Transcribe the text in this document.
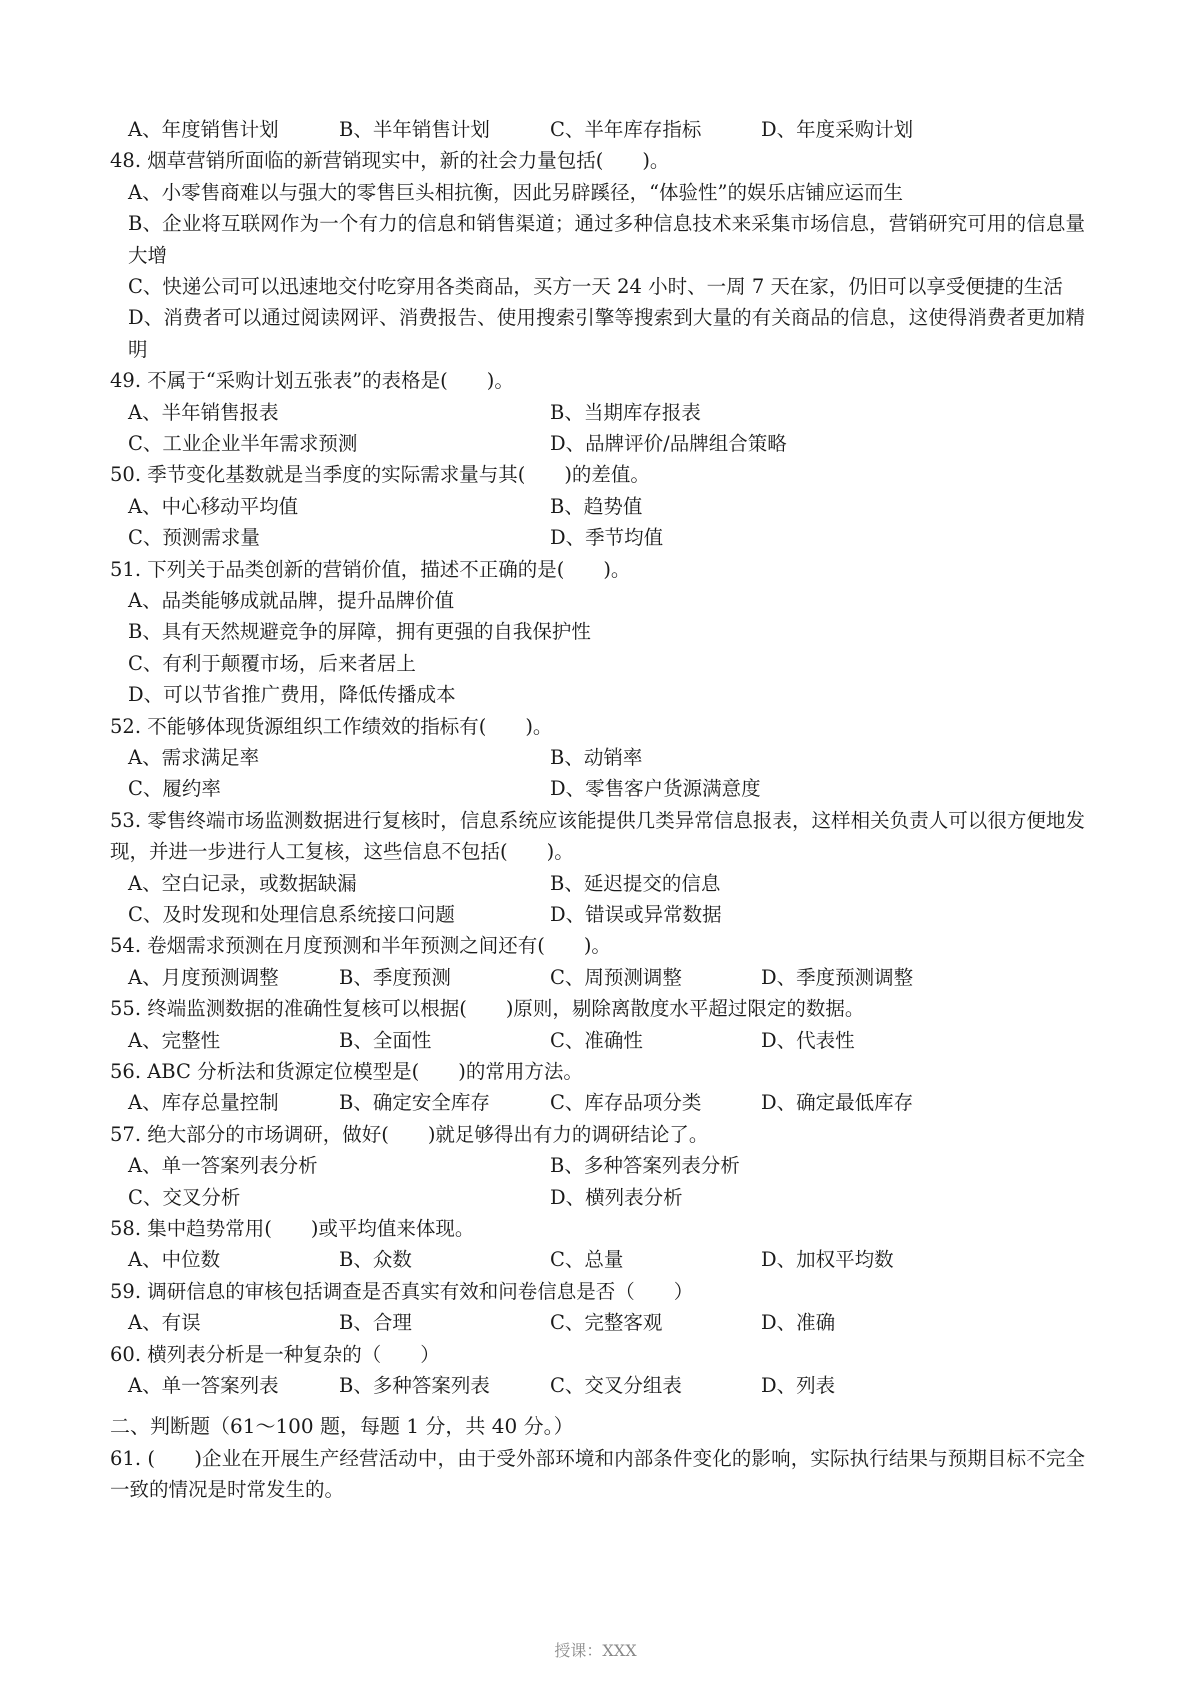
A、年度销售计划	B、半年销售计划	C、半年库存指标	D、年度采购计划
48. 烟草营销所面临的新营销现实中，新的社会力量包括(　　)。
A、小零售商难以与强大的零售巨头相抗衡，因此另辟蹊径，“体验性”的娱乐店铺应运而生
B、企业将互联网作为一个有力的信息和销售渠道；通过多种信息技术来采集市场信息，营销研究可用的信息量大增
C、快递公司可以迅速地交付吃穿用各类商品，买方一天 24 小时、一周 7 天在家，仍旧可以享受便捷的生活
D、消费者可以通过阅读网评、消费报告、使用搜索引擎等搜索到大量的有关商品的信息，这使得消费者更加精明
49. 不属于“采购计划五张表”的表格是(　　)。
A、半年销售报表	B、当期库存报表
C、工业企业半年需求预测	D、品牌评价/品牌组合策略
50. 季节变化基数就是当季度的实际需求量与其(　　)的差值。
A、中心移动平均值	B、趋势值
C、预测需求量	D、季节均值
51. 下列关于品类创新的营销价值，描述不正确的是(　　)。
A、品类能够成就品牌，提升品牌价值
B、具有天然规避竞争的屏障，拥有更强的自我保护性
C、有利于颠覆市场，后来者居上
D、可以节省推广费用，降低传播成本
52. 不能够体现货源组织工作绩效的指标有(　　)。
A、需求满足率	B、动销率
C、履约率	D、零售客户货源满意度
53. 零售终端市场监测数据进行复核时，信息系统应该能提供几类异常信息报表，这样相关负责人可以很方便地发现，并进一步进行人工复核，这些信息不包括(　　)。
A、空白记录，或数据缺漏	B、延迟提交的信息
C、及时发现和处理信息系统接口问题	D、错误或异常数据
54. 卷烟需求预测在月度预测和半年预测之间还有(　　)。
A、月度预测调整	B、季度预测	C、周预测调整	D、季度预测调整
55. 终端监测数据的准确性复核可以根据(　　)原则，剔除离散度水平超过限定的数据。
A、完整性	B、全面性	C、准确性	D、代表性
56. ABC 分析法和货源定位模型是(　　)的常用方法。
A、库存总量控制	B、确定安全库存	C、库存品项分类	D、确定最低库存
57. 绝大部分的市场调研，做好(　　)就足够得出有力的调研结论了。
A、单一答案列表分析	B、多种答案列表分析
C、交叉分析	D、横列表分析
58. 集中趋势常用(　　)或平均值来体现。
A、中位数	B、众数	C、总量	D、加权平均数
59. 调研信息的审核包括调查是否真实有效和问卷信息是否（　　）
A、有误	B、合理	C、完整客观	D、准确
60. 横列表分析是一种复杂的（　　）
A、单一答案列表	B、多种答案列表	C、交叉分组表	D、列表
二、判断题（61～100 题，每题 1 分，共 40 分。）
61. (　　)企业在开展生产经营活动中，由于受外部环境和内部条件变化的影响，实际执行结果与预期目标不完全一致的情况是时常发生的。
授课：XXX
